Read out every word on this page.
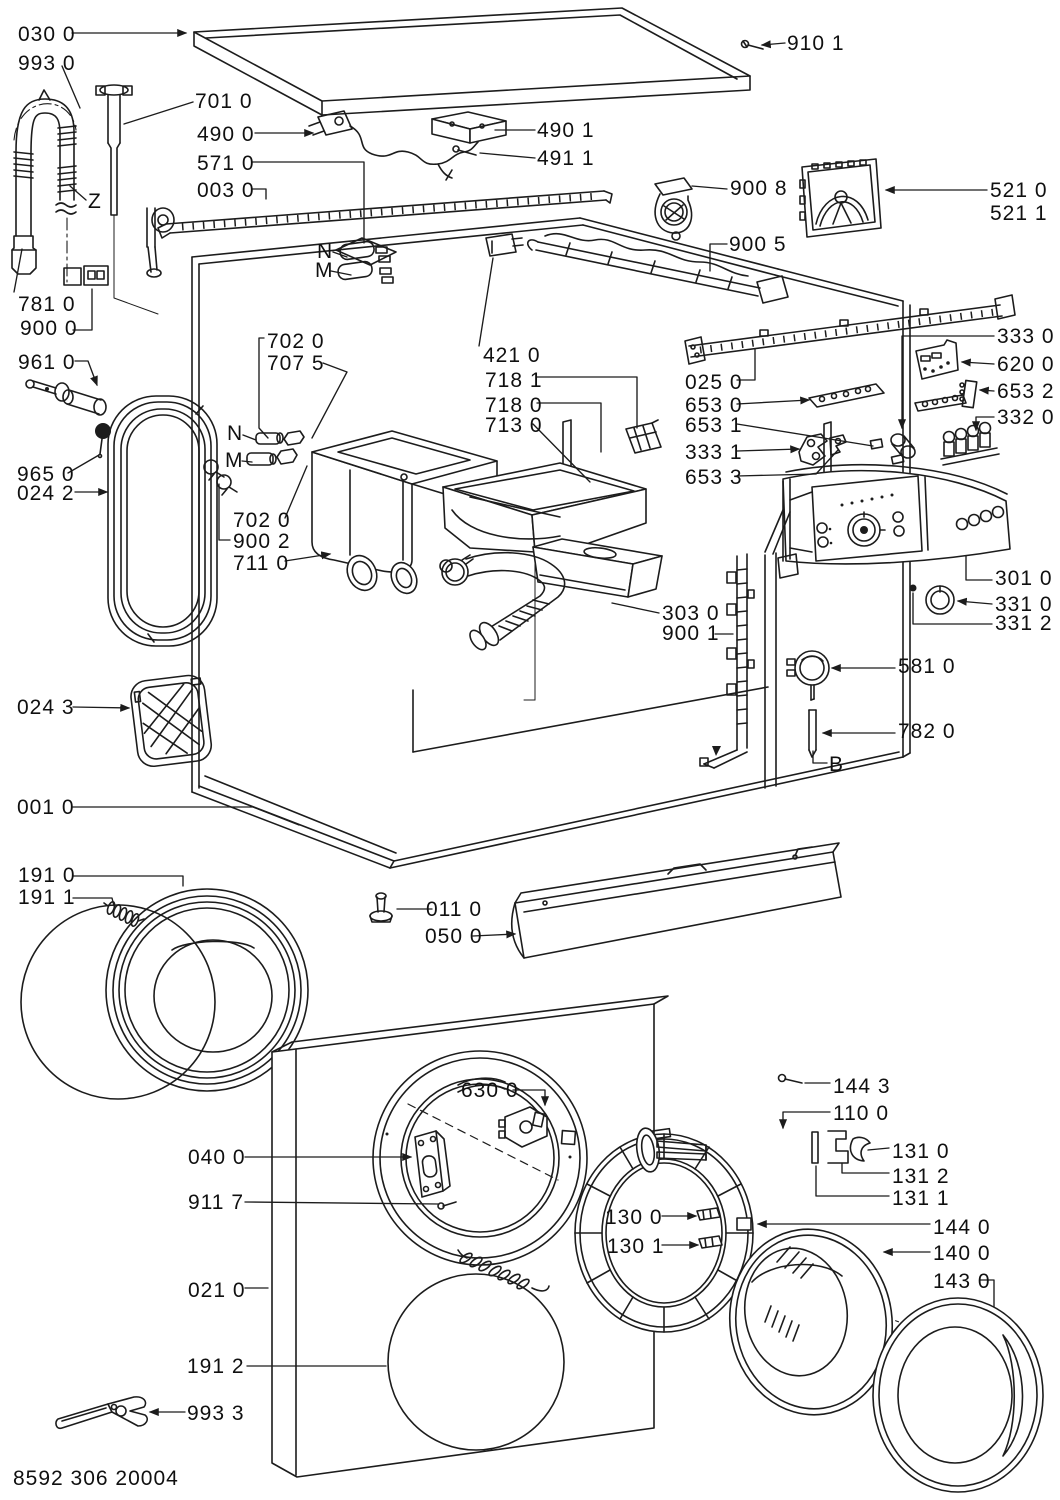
030 0
993 0
701 0
490 0
571 0
003 0
910 1
490 1
491 1
900 8	521 0
521 1
900 5
Z
N
M
781 0
900 0
961 0
965 0
024 2
702 0
707 5
N
M
702 0
900 2
711 0
421 0
718 1
718 0
713 0
025 0
653 0
653 1
333 1
653 3
333 0
620 0
653 2
332 0
301 0
331 0
331 2
581 0
782 0
B
303 0
900 1
024 3
001 0
191 0
191 1
011 0
050 0
630 0
040 0
911 7
021 0
191 2
993 3
130 0
130 1
144 3
110 0
131 0
131 2
131 1
144 0
140 0
143 0
8592 306 20004
